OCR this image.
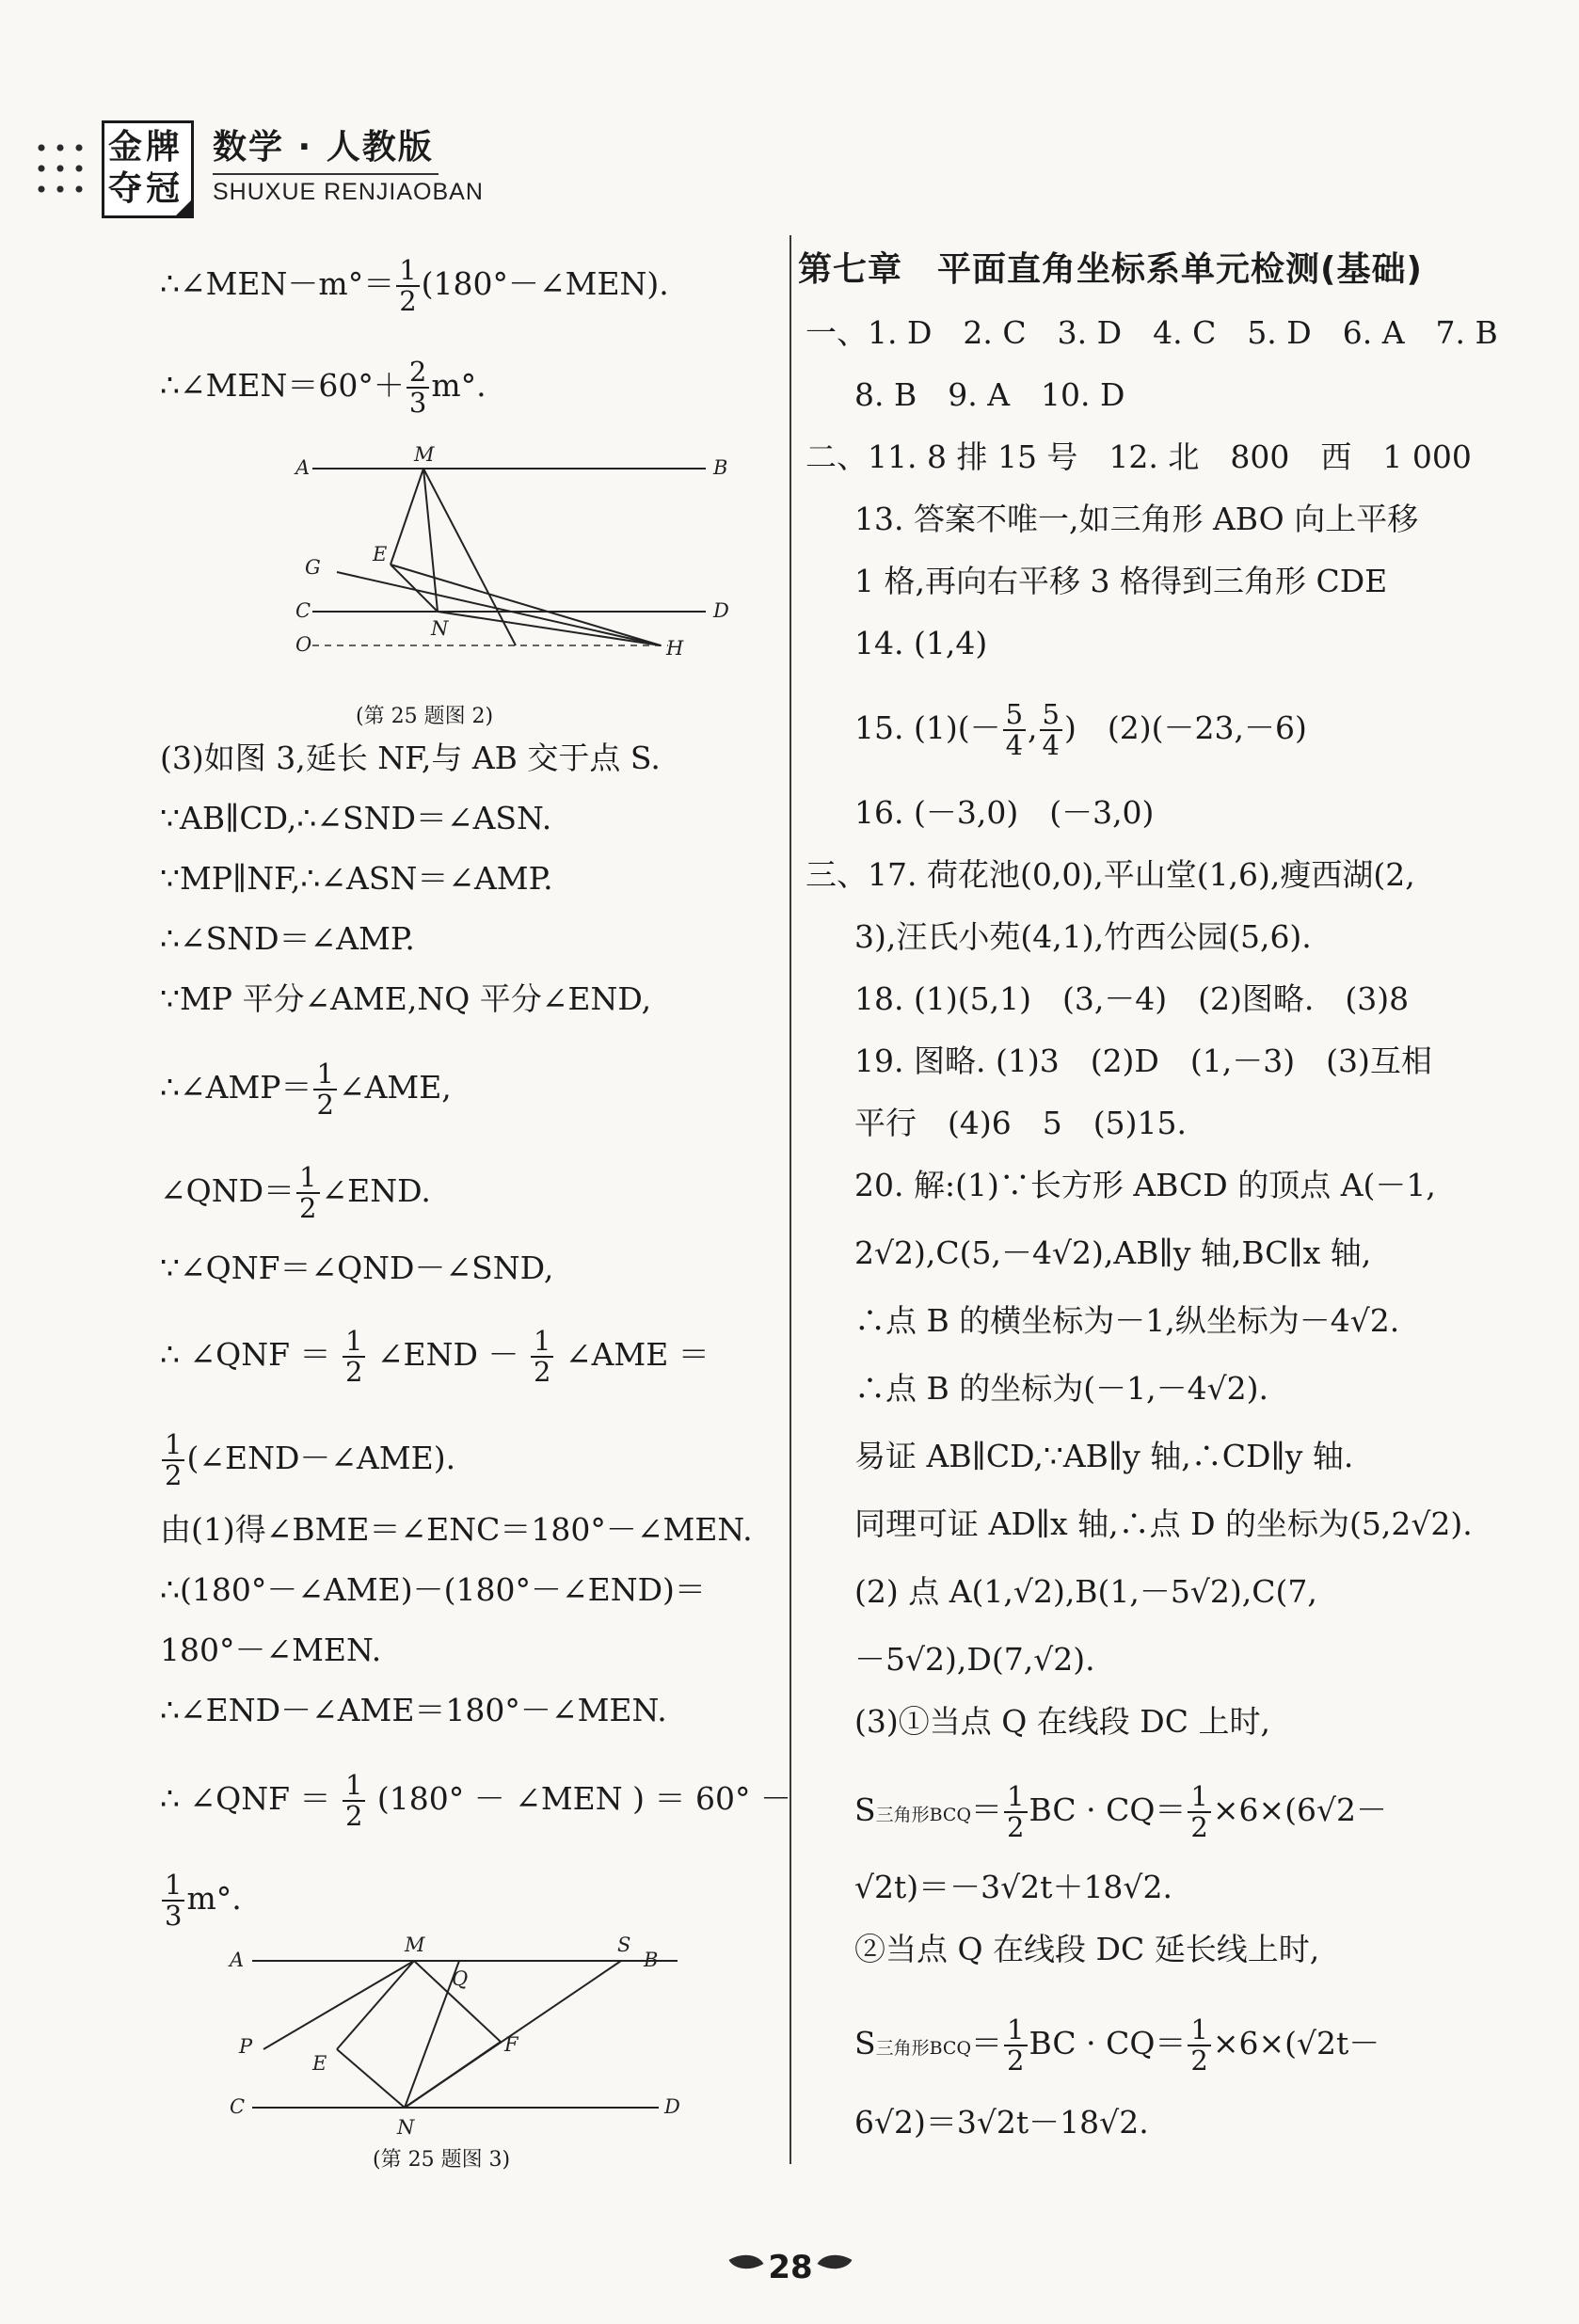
金牌
夺冠
数学 · 人教版
SHUXUE RENJIAOBAN
∴∠MEN－m°＝ $\frac{1}{2}$ (180°－∠MEN).
∴∠MEN＝60°＋ $\frac{2}{3} m^\circ$.
A
M
B
G
E
C
N
D
O	H
(第 25 题图 2)
(3)如图 3,延长 NF,与 AB 交于点 S.
∵AB∥CD,∴∠SND＝∠ASN.
∵MP∥NF,∴∠ASN＝∠AMP.
∴∠SND＝∠AMP.
∵MP 平分∠AME,NQ 平分∠END,
∴∠AMP＝ $\frac{1}{2}$ ∠AME,
∠QND＝ $\frac{1}{2}$ ∠END.
∵∠QNF＝∠QND－∠SND,
∴ ∠QNF ＝ $\frac{1}{2}$ ∠END － $\frac{1}{2}$ ∠AME ＝
$\frac{1}{2}$ (∠END－∠AME).
由(1)得∠BME＝∠ENC＝180°－∠MEN.
∴(180°－∠AME)－(180°－∠END)＝
180°－∠MEN.
∴∠END－∠AME＝180°－∠MEN.
∴ ∠QNF ＝ $\frac{1}{2} (180^\circ$ － ∠MEN ) ＝ 60° －
$\frac{1}{3} m^\circ$.
A
M
Q
S
B
P
E
F
C
N
D
(第 25 题图 3)
第七章　平面直角坐标系单元检测(基础)
一、1. D　2. C　3. D　4. C　5. D　6. A　7. B
8. B　9. A　10. D
二、11. 8 排 15 号　12. 北　800　西　1 000
13. 答案不唯一,如三角形 ABO 向上平移
1 格,再向右平移 3 格得到三角形 CDE
14. (1,4)
15. $(1)(- \frac{5}{4}$ , $\frac{5}{4}$ )　(2)(－23,－6)
16. (－3,0)　(－3,0)
三、17. 荷花池(0,0),平山堂(1,6),瘦西湖(2,
3),汪氏小苑(4,1),竹西公园(5,6).
18. (1)(5,1)　(3,－4)　(2)图略.　(3)8
19. 图略. (1)3　(2)D　(1,－3)　(3)互相
平行　(4)6　5　(5)15.
20. 解:(1)∵长方形 ABCD 的顶点 A(－1,
2√2),C(5,－4√2),AB∥y 轴,BC∥x 轴,
∴点 B 的横坐标为－1,纵坐标为－4√2.
∴点 B 的坐标为(－1,－4√2).
易证 AB∥CD,∵AB∥y 轴,∴CD∥y 轴.
同理可证 AD∥x 轴,∴点 D 的坐标为(5,2√2).
(2) 点 A(1,√2),B(1,－5√2),C(7,
－5√2),D(7,√2).
(3)①当点 Q 在线段 DC 上时,
S三角形$BCQ= \frac{1}{2}$ BC · $CQ= \frac{1}{2} \times 6\times(6√2-$
√2t)＝－3√2t＋18√2.
②当点 Q 在线段 DC 延长线上时,
S三角形$BCQ= \frac{1}{2}$ BC · $CQ= \frac{1}{2} \times 6\times(√2t-$
6√2)＝3√2t－18√2.
28
